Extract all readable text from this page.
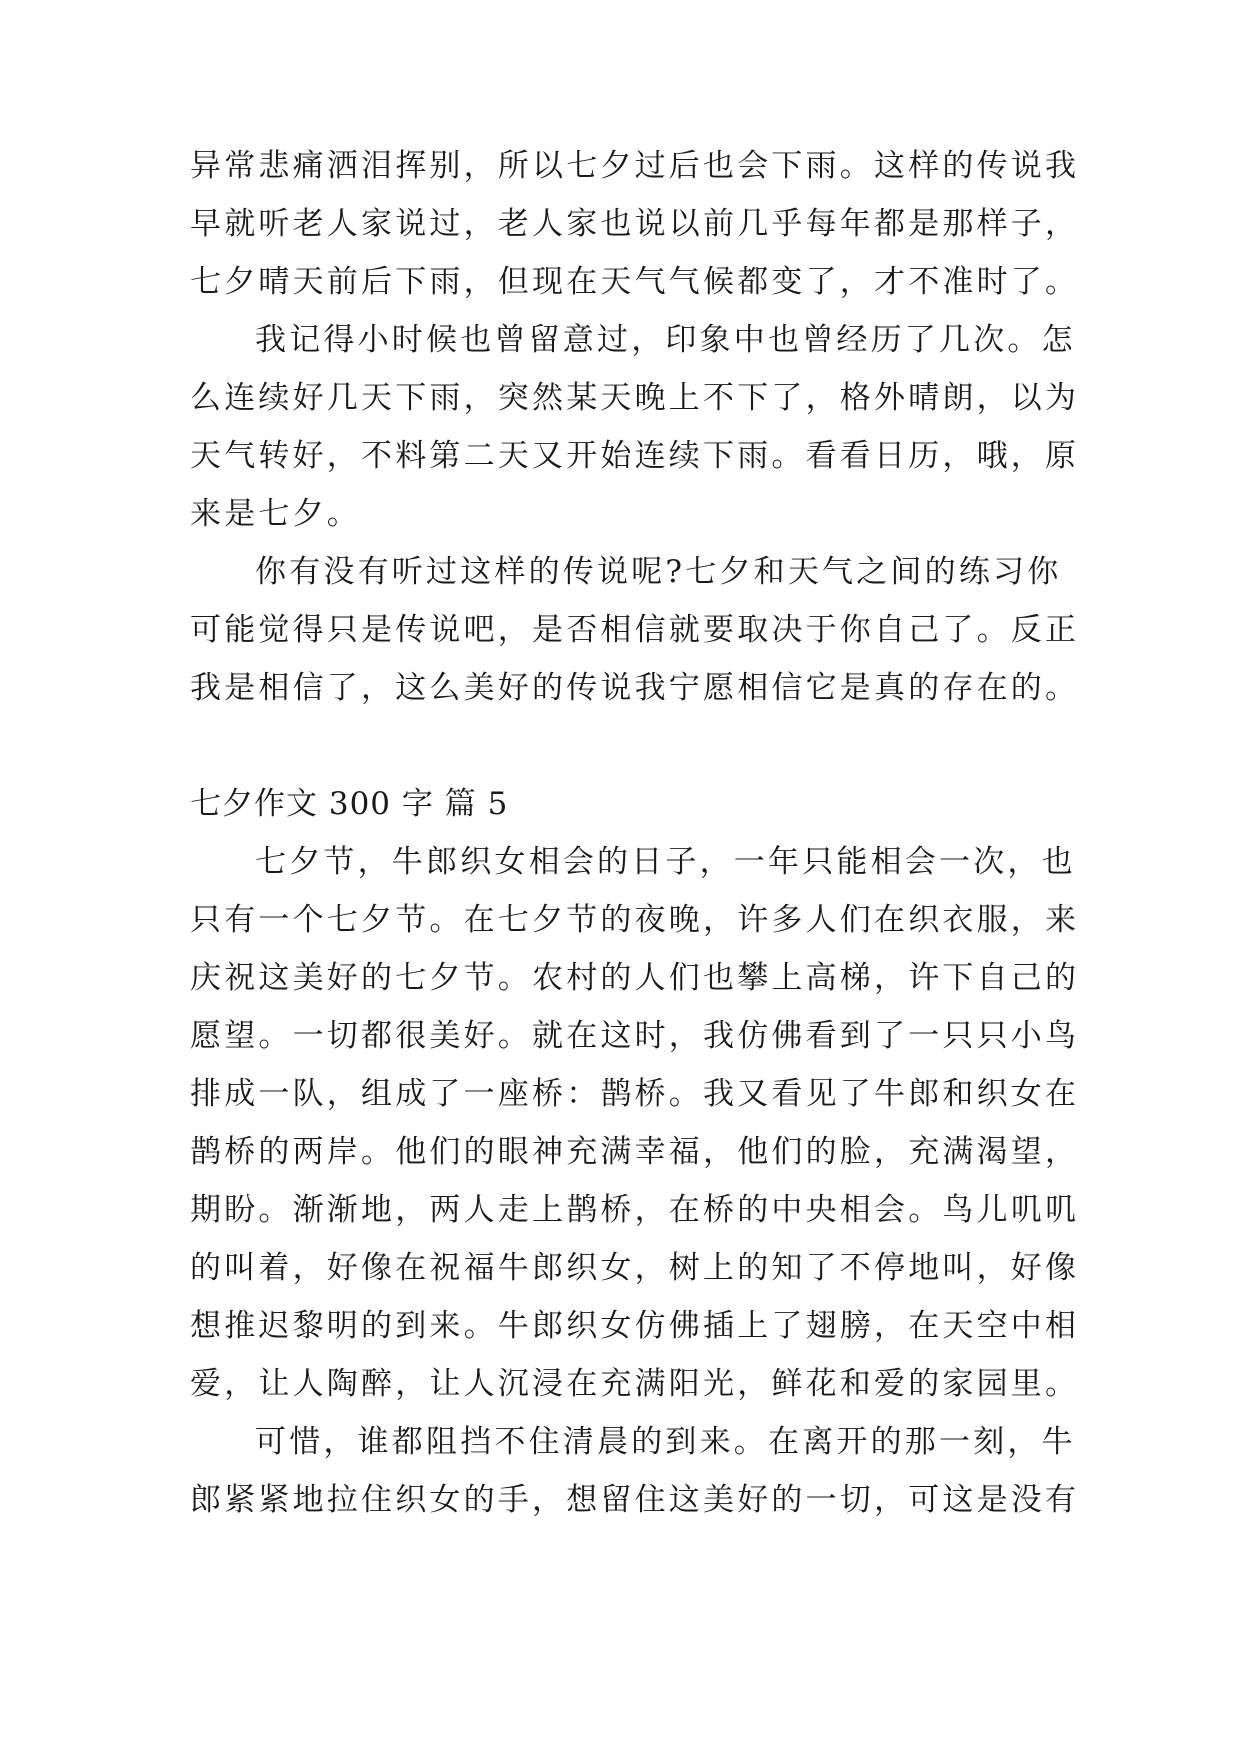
异常悲痛洒泪挥别，所以七夕过后也会下雨。这样的传说我
早就听老人家说过，老人家也说以前几乎每年都是那样子，
七夕晴天前后下雨，但现在天气气候都变了，才不准时了。
我记得小时候也曾留意过，印象中也曾经历了几次。怎
么连续好几天下雨，突然某天晚上不下了，格外晴朗，以为
天气转好，不料第二天又开始连续下雨。看看日历，哦，原
来是七夕。
你有没有听过这样的传说呢?七夕和天气之间的练习你
可能觉得只是传说吧，是否相信就要取决于你自己了。反正
我是相信了，这么美好的传说我宁愿相信它是真的存在的。
七夕作文 300 字 篇 5
七夕节，牛郎织女相会的日子，一年只能相会一次，也
只有一个七夕节。在七夕节的夜晚，许多人们在织衣服，来
庆祝这美好的七夕节。农村的人们也攀上高梯，许下自己的
愿望。一切都很美好。就在这时，我仿佛看到了一只只小鸟
排成一队，组成了一座桥：鹊桥。我又看见了牛郎和织女在
鹊桥的两岸。他们的眼神充满幸福，他们的脸，充满渴望，
期盼。渐渐地，两人走上鹊桥，在桥的中央相会。鸟儿叽叽
的叫着，好像在祝福牛郎织女，树上的知了不停地叫，好像
想推迟黎明的到来。牛郎织女仿佛插上了翅膀，在天空中相
爱，让人陶醉，让人沉浸在充满阳光，鲜花和爱的家园里。
可惜，谁都阻挡不住清晨的到来。在离开的那一刻，牛
郎紧紧地拉住织女的手，想留住这美好的一切，可这是没有
